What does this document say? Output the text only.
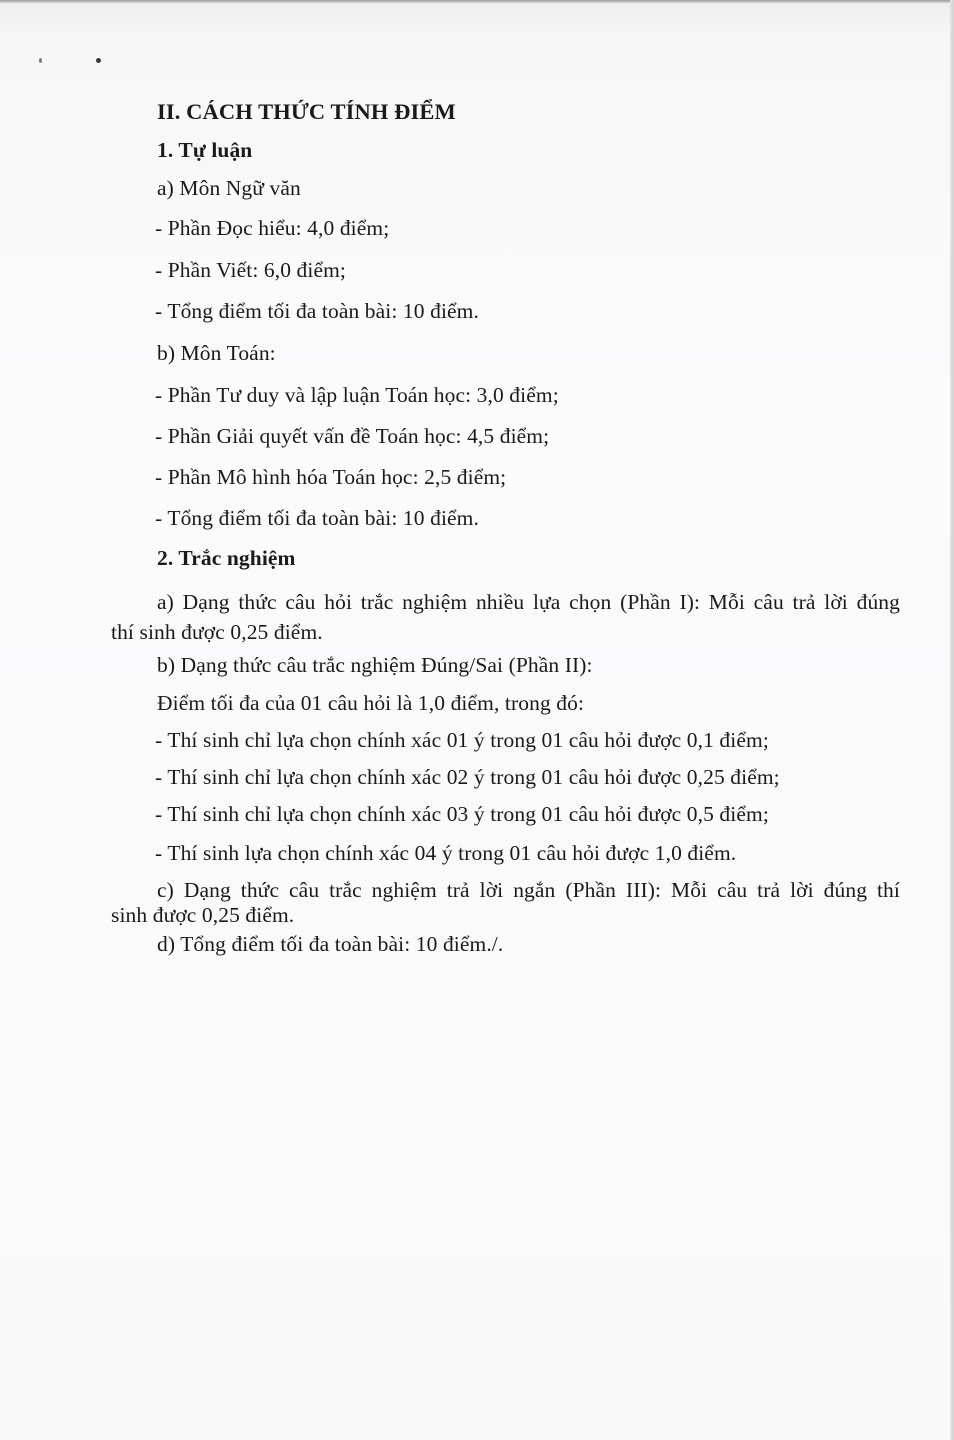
II. CÁCH THỨC TÍNH ĐIỂM
1. Tự luận
a) Môn Ngữ văn
- Phần Đọc hiểu: 4,0 điểm;
- Phần Viết: 6,0 điểm;
- Tổng điểm tối đa toàn bài: 10 điểm.
b) Môn Toán:
- Phần Tư duy và lập luận Toán học: 3,0 điểm;
- Phần Giải quyết vấn đề Toán học: 4,5 điểm;
- Phần Mô hình hóa Toán học: 2,5 điểm;
- Tổng điểm tối đa toàn bài: 10 điểm.
2. Trắc nghiệm
a) Dạng thức câu hỏi trắc nghiệm nhiều lựa chọn (Phần I): Mỗi câu trả lời đúng
thí sinh được 0,25 điểm.
b) Dạng thức câu trắc nghiệm Đúng/Sai (Phần II):
Điểm tối đa của 01 câu hỏi là 1,0 điểm, trong đó:
- Thí sinh chỉ lựa chọn chính xác 01 ý trong 01 câu hỏi được 0,1 điểm;
- Thí sinh chỉ lựa chọn chính xác 02 ý trong 01 câu hỏi được 0,25 điểm;
- Thí sinh chỉ lựa chọn chính xác 03 ý trong 01 câu hỏi được 0,5 điểm;
- Thí sinh lựa chọn chính xác 04 ý trong 01 câu hỏi được 1,0 điểm.
c) Dạng thức câu trắc nghiệm trả lời ngắn (Phần III): Mỗi câu trả lời đúng thí
sinh được 0,25 điểm.
d) Tổng điểm tối đa toàn bài: 10 điểm./.
